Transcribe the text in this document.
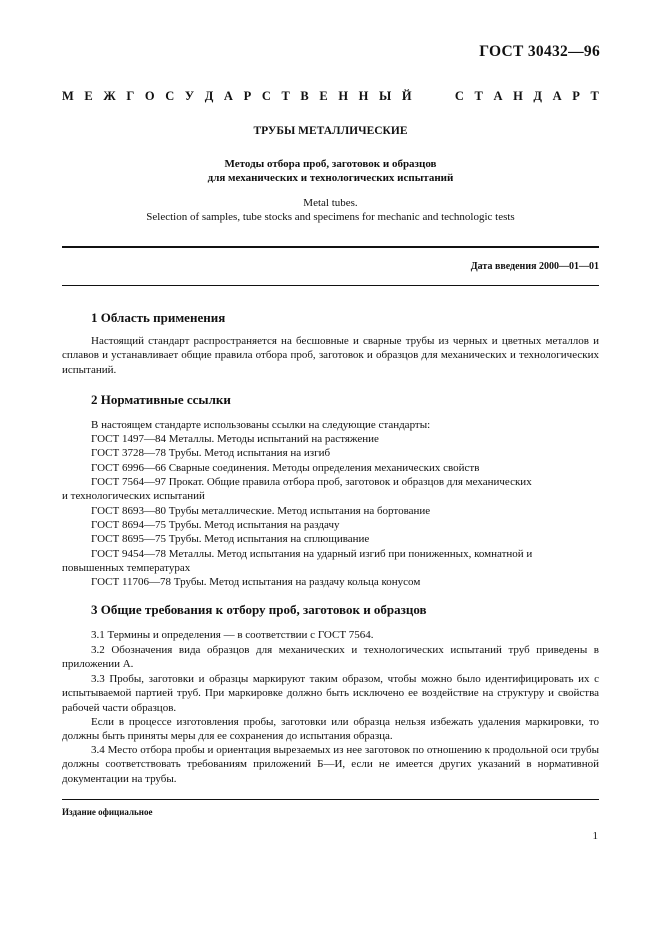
ГОСТ 30432—96
М Е Ж Г О С У Д А Р С Т В Е Н Н Ы Й	С Т А Н Д А Р Т
ТРУБЫ МЕТАЛЛИЧЕСКИЕ
Методы отбора проб, заготовок и образцов
для механических и технологических испытаний
Metal tubes.
Selection of samples, tube stocks and specimens for mechanic and technologic tests
Дата введения 2000—01—01
1 Область применения
Настоящий стандарт распространяется на бесшовные и сварные трубы из черных и цветных металлов и сплавов и устанавливает общие правила отбора проб, заготовок и образцов для механических и технологических испытаний.
2 Нормативные ссылки
В настоящем стандарте использованы ссылки на следующие стандарты:
ГОСТ 1497—84 Металлы. Методы испытаний на растяжение
ГОСТ 3728—78 Трубы. Метод испытания на изгиб
ГОСТ 6996—66 Сварные соединения. Методы определения механических свойств
ГОСТ 7564—97 Прокат. Общие правила отбора проб, заготовок и образцов для механических
и технологических испытаний
ГОСТ 8693—80 Трубы металлические. Метод испытания на бортование
ГОСТ 8694—75 Трубы. Метод испытания на раздачу
ГОСТ 8695—75 Трубы. Метод испытания на сплющивание
ГОСТ 9454—78 Металлы. Метод испытания на ударный изгиб при пониженных, комнатной и
повышенных температурах
ГОСТ 11706—78 Трубы. Метод испытания на раздачу кольца конусом
3 Общие требования к отбору проб, заготовок и образцов
3.1 Термины и определения — в соответствии с ГОСТ 7564.
3.2 Обозначения вида образцов для механических и технологических испытаний труб приведены в приложении А.
3.3 Пробы, заготовки и образцы маркируют таким образом, чтобы можно было идентифицировать их с испытываемой партией труб. При маркировке должно быть исключено ее воздействие на структуру и свойства рабочей части образцов.
Если в процессе изготовления пробы, заготовки или образца нельзя избежать удаления маркировки, то должны быть приняты меры для ее сохранения до испытания образца.
3.4 Место отбора пробы и ориентация вырезаемых из нее заготовок по отношению к продольной оси трубы должны соответствовать требованиям приложений Б—И, если не имеется других указаний в нормативной документации на трубы.
Издание официальное
1
